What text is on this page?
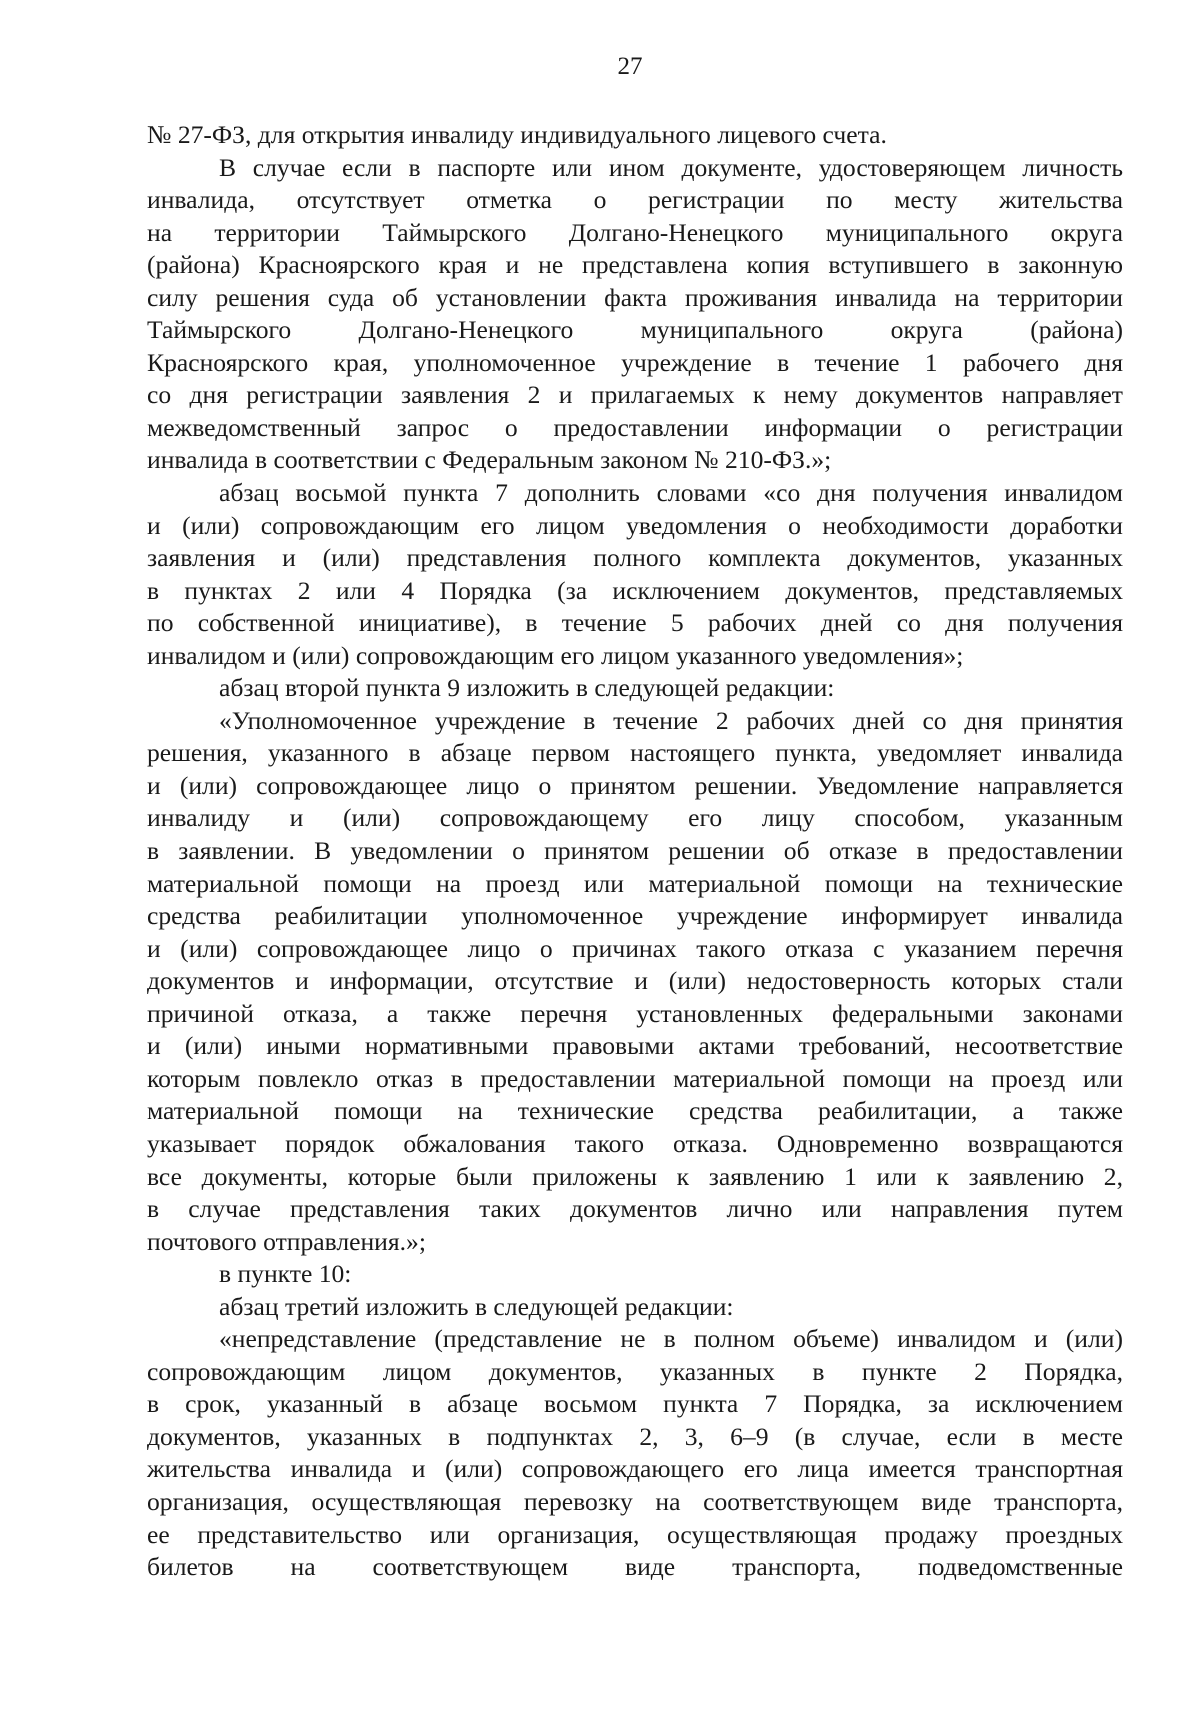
27
№ 27-ФЗ, для открытия инвалиду индивидуального лицевого счета.
В случае если в паспорте или ином документе, удостоверяющем личность
инвалида, отсутствует отметка о регистрации по месту жительства
на территории Таймырского Долгано-Ненецкого муниципального округа
(района) Красноярского края и не представлена копия вступившего в законную
силу решения суда об установлении факта проживания инвалида на территории
Таймырского Долгано-Ненецкого муниципального округа (района)
Красноярского края, уполномоченное учреждение в течение 1 рабочего дня
со дня регистрации заявления 2 и прилагаемых к нему документов направляет
межведомственный запрос о предоставлении информации о регистрации
инвалида в соответствии с Федеральным законом № 210-ФЗ.»;
абзац восьмой пункта 7 дополнить словами «со дня получения инвалидом
и (или) сопровождающим его лицом уведомления о необходимости доработки
заявления и (или) представления полного комплекта документов, указанных
в пунктах 2 или 4 Порядка (за исключением документов, представляемых
по собственной инициативе), в течение 5 рабочих дней со дня получения
инвалидом и (или) сопровождающим его лицом указанного уведомления»;
абзац второй пункта 9 изложить в следующей редакции:
«Уполномоченное учреждение в течение 2 рабочих дней со дня принятия
решения, указанного в абзаце первом настоящего пункта, уведомляет инвалида
и (или) сопровождающее лицо о принятом решении. Уведомление направляется
инвалиду и (или) сопровождающему его лицу способом, указанным
в заявлении. В уведомлении о принятом решении об отказе в предоставлении
материальной помощи на проезд или материальной помощи на технические
средства реабилитации уполномоченное учреждение информирует инвалида
и (или) сопровождающее лицо о причинах такого отказа с указанием перечня
документов и информации, отсутствие и (или) недостоверность которых стали
причиной отказа, а также перечня установленных федеральными законами
и (или) иными нормативными правовыми актами требований, несоответствие
которым повлекло отказ в предоставлении материальной помощи на проезд или
материальной помощи на технические средства реабилитации, а также
указывает порядок обжалования такого отказа. Одновременно возвращаются
все документы, которые были приложены к заявлению 1 или к заявлению 2,
в случае представления таких документов лично или направления путем
почтового отправления.»;
в пункте 10:
абзац третий изложить в следующей редакции:
«непредставление (представление не в полном объеме) инвалидом и (или)
сопровождающим лицом документов, указанных в пункте 2 Порядка,
в срок, указанный в абзаце восьмом пункта 7 Порядка, за исключением
документов, указанных в подпунктах 2, 3, 6–9 (в случае, если в месте
жительства инвалида и (или) сопровождающего его лица имеется транспортная
организация, осуществляющая перевозку на соответствующем виде транспорта,
ее представительство или организация, осуществляющая продажу проездных
билетов на соответствующем виде транспорта, подведомственные
